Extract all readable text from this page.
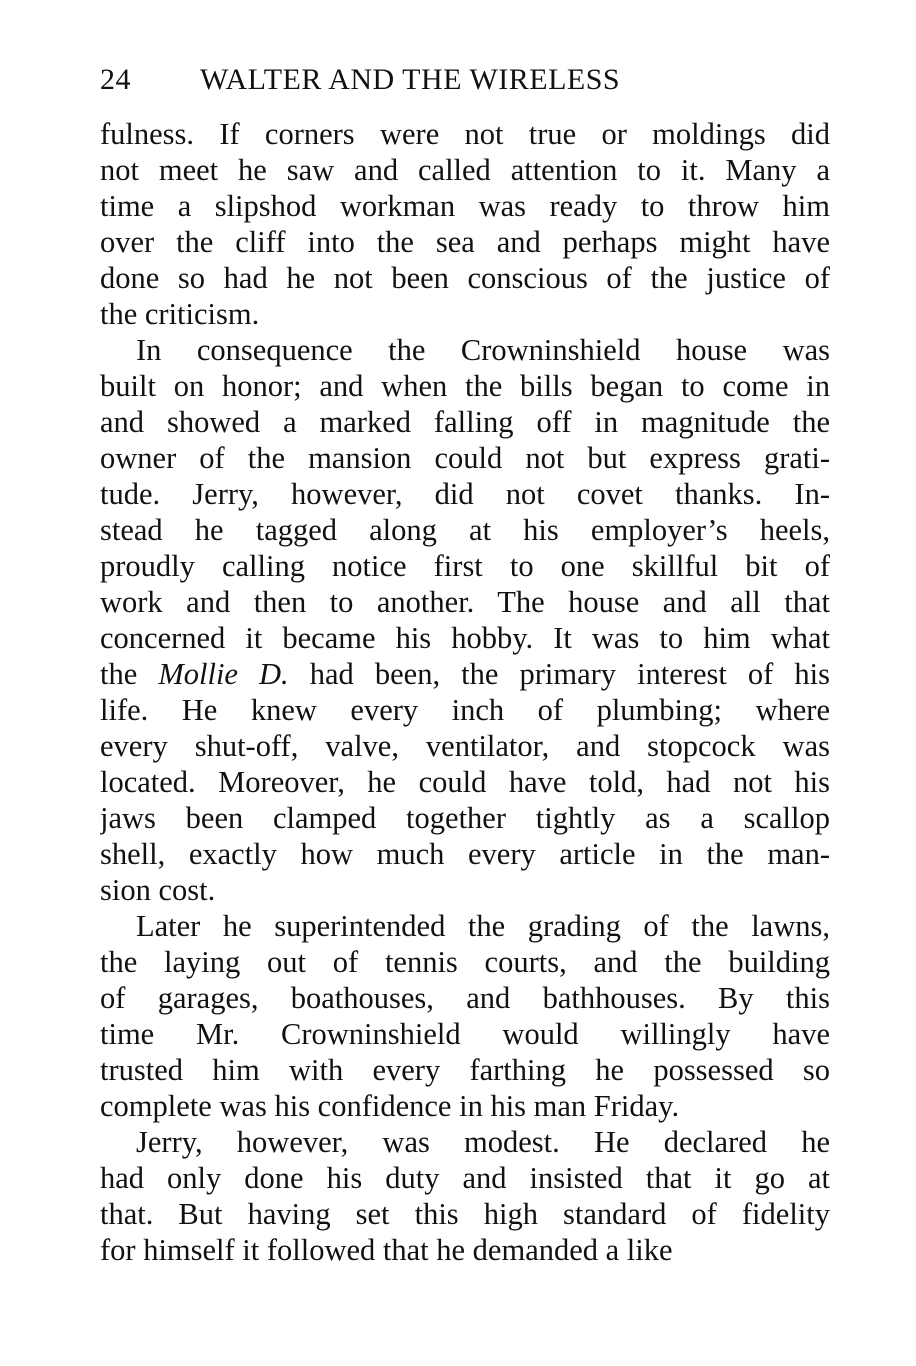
24 WALTER AND THE WIRELESS
fulness. If corners were not true or moldings did
not meet he saw and called attention to it. Many a
time a slipshod workman was ready to throw him
over the cliff into the sea and perhaps might have
done so had he not been conscious of the justice of
the criticism.
In consequence the Crowninshield house was
built on honor; and when the bills began to come in
and showed a marked falling off in magnitude the
owner of the mansion could not but express grati-
tude. Jerry, however, did not covet thanks. In-
stead he tagged along at his employer’s heels,
proudly calling notice first to one skillful bit of
work and then to another. The house and all that
concerned it became his hobby. It was to him what
the Mollie D. had been, the primary interest of his
life. He knew every inch of plumbing; where
every shut-off, valve, ventilator, and stopcock was
located. Moreover, he could have told, had not his
jaws been clamped together tightly as a scallop
shell, exactly how much every article in the man-
sion cost.
Later he superintended the grading of the lawns,
the laying out of tennis courts, and the building
of garages, boathouses, and bathhouses. By this
time Mr. Crowninshield would willingly have
trusted him with every farthing he possessed so
complete was his confidence in his man Friday.
Jerry, however, was modest. He declared he
had only done his duty and insisted that it go at
that. But having set this high standard of fidelity
for himself it followed that he demanded a like
